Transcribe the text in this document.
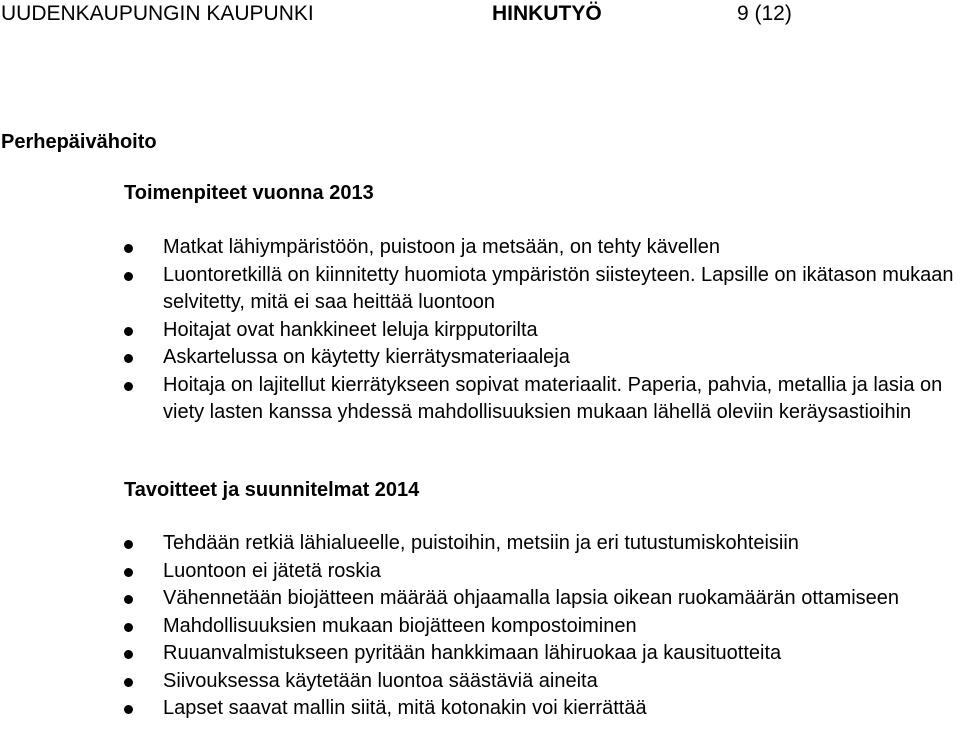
UUDENKAUPUNGIN KAUPUNKI	HINKUTYÖ	9 (12)
Perhepäivähoito
Toimenpiteet vuonna 2013
Matkat lähiympäristöön, puistoon ja metsään, on tehty kävellen
Luontoretkillä on kiinnitetty huomiota ympäristön siisteyteen. Lapsille on ikätason mukaan selvitetty, mitä ei saa heittää luontoon
Hoitajat ovat hankkineet leluja kirpputorilta
Askartelussa on käytetty kierrätysmateriaaleja
Hoitaja on lajitellut kierrätykseen sopivat materiaalit. Paperia, pahvia, metallia ja lasia on viety lasten kanssa yhdessä mahdollisuuksien mukaan lähellä oleviin keräysastioihin
Tavoitteet ja suunnitelmat 2014
Tehdään retkiä lähialueelle, puistoihin, metsiin ja eri tutustumiskohteisiin
Luontoon ei jätetä roskia
Vähennetään biojätteen määrää ohjaamalla lapsia oikean ruokamäärän ottamiseen
Mahdollisuuksien mukaan biojätteen kompostoiminen
Ruuanvalmistukseen pyritään hankkimaan lähiruokaa ja kausituotteita
Siivouksessa käytetään luontoa säästäviä aineita
Lapset saavat mallin siitä, mitä kotonakin voi kierrättää
